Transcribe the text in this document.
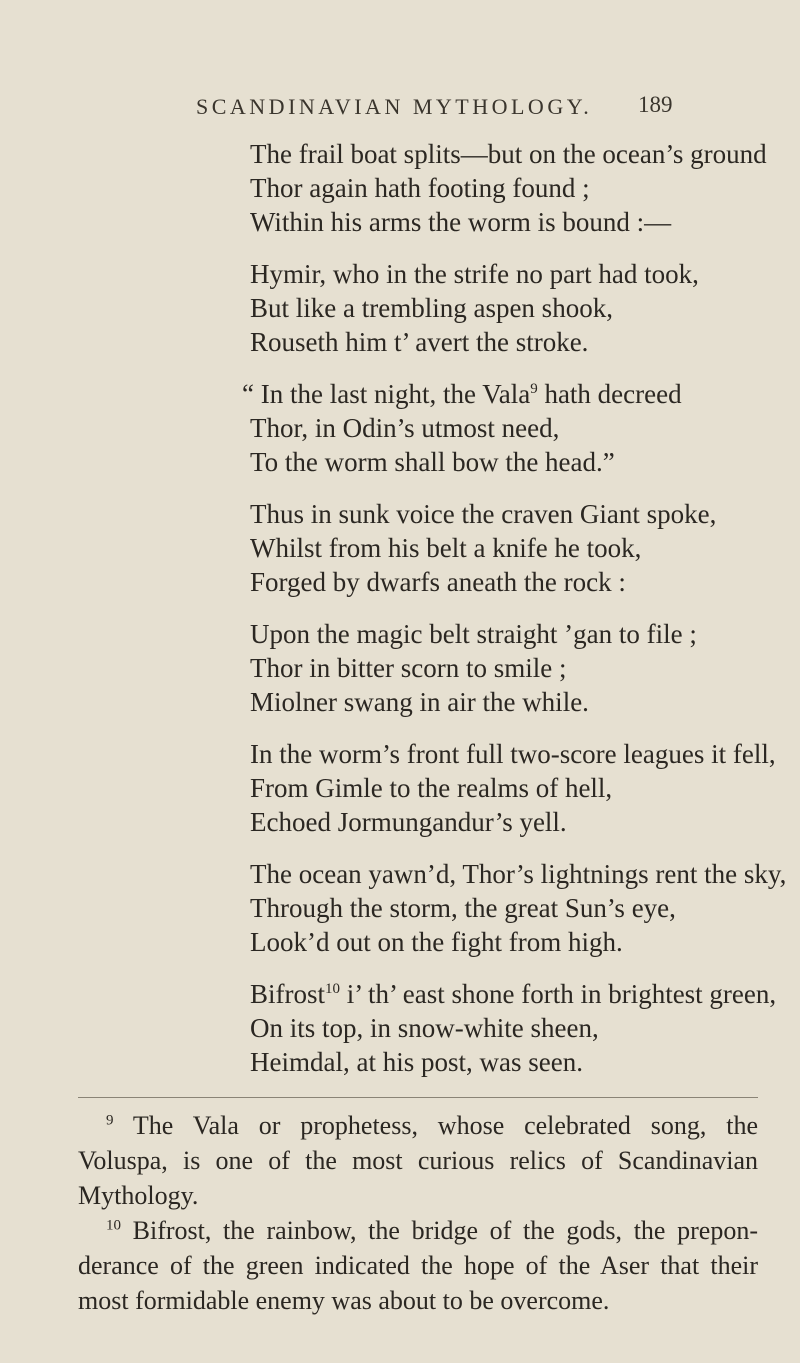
SCANDINAVIAN MYTHOLOGY.	189
The frail boat splits—but on the ocean’s ground
Thor again hath footing found ;
Within his arms the worm is bound :—
Hymir, who in the strife no part had took,
But like a trembling aspen shook,
Rouseth him t’ avert the stroke.
“ In the last night, the Vala$^9$ hath decreed
Thor, in Odin’s utmost need,
To the worm shall bow the head.”
Thus in sunk voice the craven Giant spoke,
Whilst from his belt a knife he took,
Forged by dwarfs aneath the rock :
Upon the magic belt straight ’gan to file ;
Thor in bitter scorn to smile ;
Miolner swang in air the while.
In the worm’s front full two-score leagues it fell,
From Gimle to the realms of hell,
Echoed Jormungandur’s yell.
The ocean yawn’d, Thor’s lightnings rent the sky,
Through the storm, the great Sun’s eye,
Look’d out on the fight from high.
Bifrost$^{10}$ i’ th’ east shone forth in brightest green,
On its top, in snow-white sheen,
Heimdal, at his post, was seen.
$^9$ The Vala or prophetess, whose celebrated song, the
Voluspa, is one of the most curious relics of Scandinavian
Mythology.
$^{10}$ Bifrost, the rainbow, the bridge of the gods, the prepon-
derance of the green indicated the hope of the Aser that their
most formidable enemy was about to be overcome.
